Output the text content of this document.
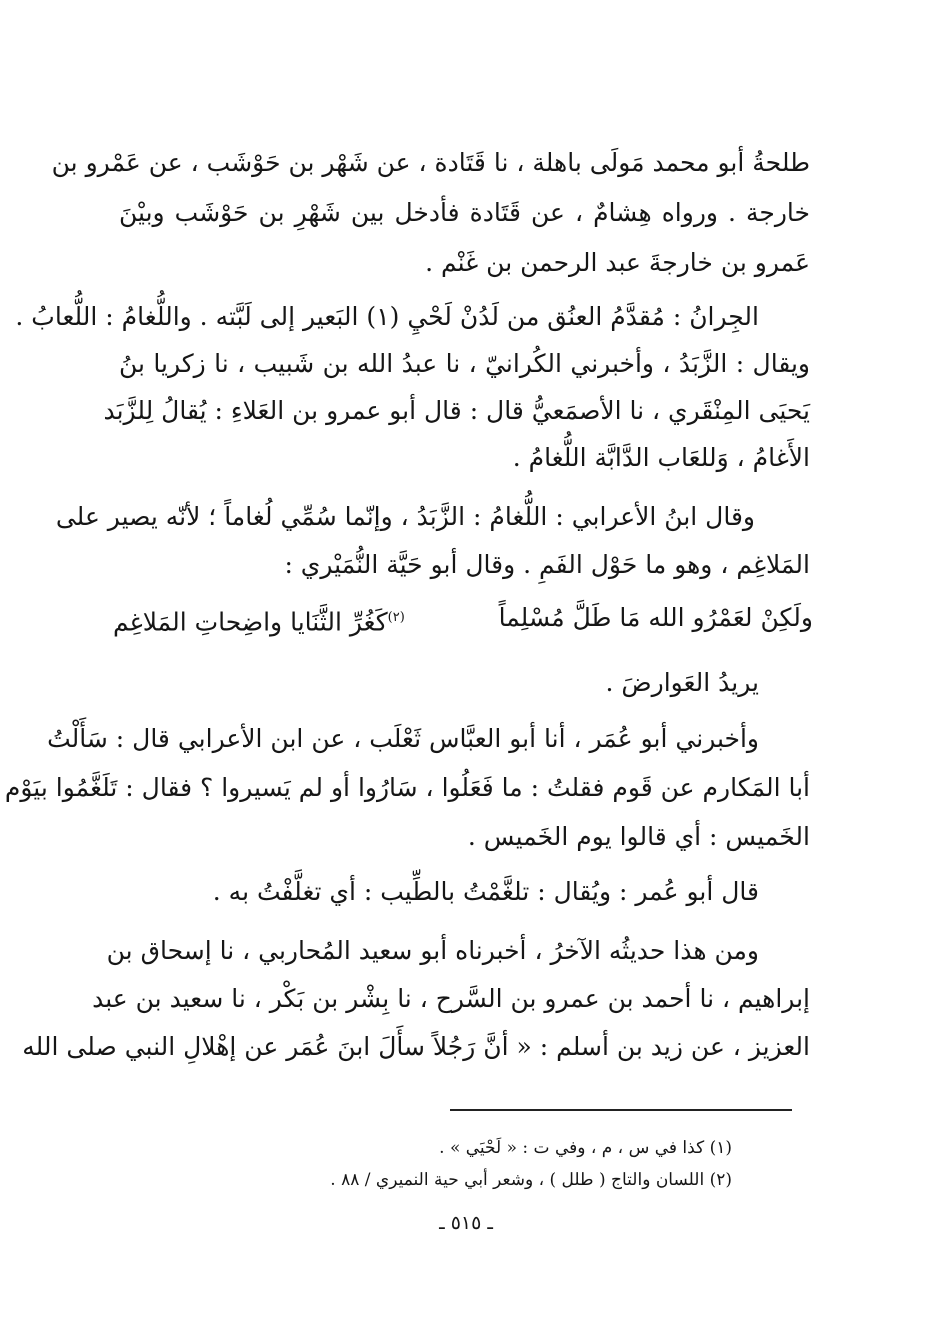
طلحةُ أبو محمد مَولَى باهلة ، نا قَتَادة ، عن شَهْر بن حَوْشَب ، عن عَمْرو بن
خارجة . ورواه هِشامٌ ، عن قَتَادة فأدخل بين شَهْرِ بن حَوْشَب وبيْنَ
عَمرو بن خارجةَ عبد الرحمن بن غَنْم .
الجِرانُ : مُقدَّمُ العنُق من لَدُنْ لَحْيِ (١) البَعير إلى لَبَّته . واللُّغامُ : اللُّعابُ .
ويقال : الزَّبَدُ ، وأخبرني الكُرانيّ ، نا عبدُ الله بن شَبيب ، نا زكريا بنُ
يَحيَى المِنْقَري ، نا الأصمَعيُّ قال : قال أبو عمرو بن العَلاءِ : يُقالُ لِلزَّبَد
الأَغامُ ، وَللعَاب الدَّابَّة اللُّغامُ .
وقال ابنُ الأعرابي : اللُّغامُ : الزَّبَدُ ، وإنّما سُمِّي لُغاماً ؛ لأنّه يصير على
المَلاغِم ، وهو ما حَوْل الفَمِ . وقال أبو حَيَّة النُّمَيْري :
ولَكِنْ لعَمْرُو الله مَا طَلَّ مُسْلِماً
$^{(٢)}$كَغُرِّ الثَّنَايا واضِحاتِ المَلاغِم
يريدُ العَوارضَ .
وأخبرني أبو عُمَر ، أنا أبو العبَّاس ثَعْلَب ، عن ابن الأعرابي قال : سَأَلْتُ
أبا المَكارم عن قَوم فقلتُ : ما فَعَلُوا ، سَارُوا أو لم يَسيروا ؟ فقال : تَلَغَّمُوا بيَوْم
الخَميس : أي قالوا يوم الخَميس .
قال أبو عُمر : ويُقال : تلغَّمْتُ بالطِّيب : أي تغلَّفْتُ به .
ومن هذا حديثُه الآخرُ ، أخبرناه أبو سعيد المُحاربي ، نا إسحاق بن
إبراهيم ، نا أحمد بن عمرو بن السَّرح ، نا بِشْر بن بَكْر ، نا سعيد بن عبد
العزيز ، عن زيد بن أسلم : « أنَّ رَجُلاً سأَلَ ابنَ عُمَر عن إهْلالِ النبي صلى الله
(١) كذا في س ، م ، وفي ت : « لَحْيَي » .
(٢) اللسان والتاج ( طلل ) ، وشعر أبي حية النميري / ٨٨ .
ـ ٥١٥ ـ
